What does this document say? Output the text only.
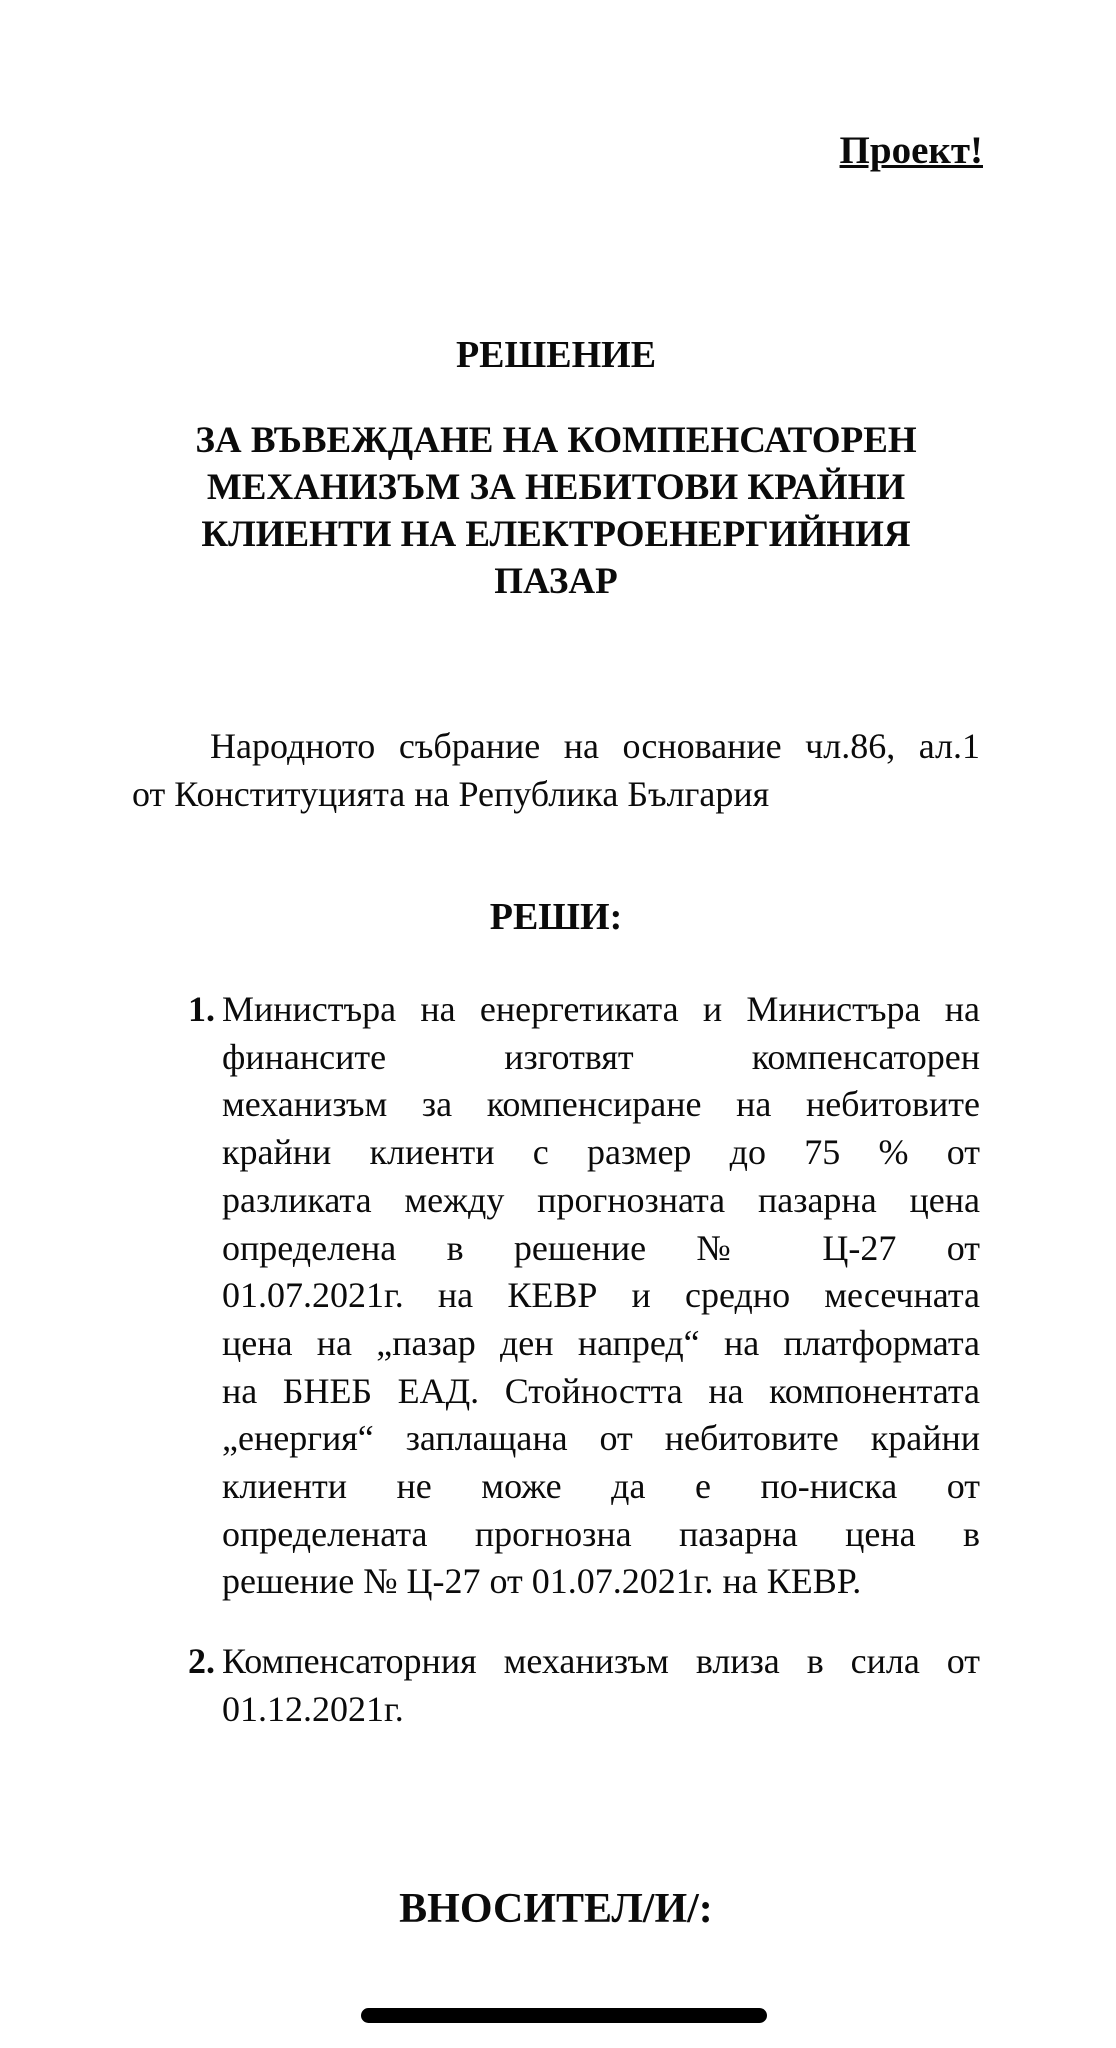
Проект!
РЕШЕНИЕ
ЗА ВЪВЕЖДАНЕ НА КОМПЕНСАТОРЕН
МЕХАНИЗЪМ ЗА НЕБИТОВИ КРАЙНИ
КЛИЕНТИ НА ЕЛЕКТРОЕНЕРГИЙНИЯ
ПАЗАР
Народното събрание на основание чл.86, ал.1
от Конституцията на Република България
РЕШИ:
1. Министъра на енергетиката и Министъра на
финансите изготвят компенсаторен
механизъм за компенсиране на небитовите
крайни клиенти с размер до 75 % от
разликата между прогнозната пазарна цена
определена в решение № Ц-27 от
01.07.2021г. на КЕВР и средно месечната
цена на „пазар ден напред“ на платформата
на БНЕБ ЕАД. Стойността на компонентата
„енергия“ заплащана от небитовите крайни
клиенти не може да е по-ниска от
определената прогнозна пазарна цена в
решение № Ц-27 от 01.07.2021г. на КЕВР.
2. Компенсаторния механизъм влиза в сила от
01.12.2021г.
ВНОСИТЕЛ/И/:
